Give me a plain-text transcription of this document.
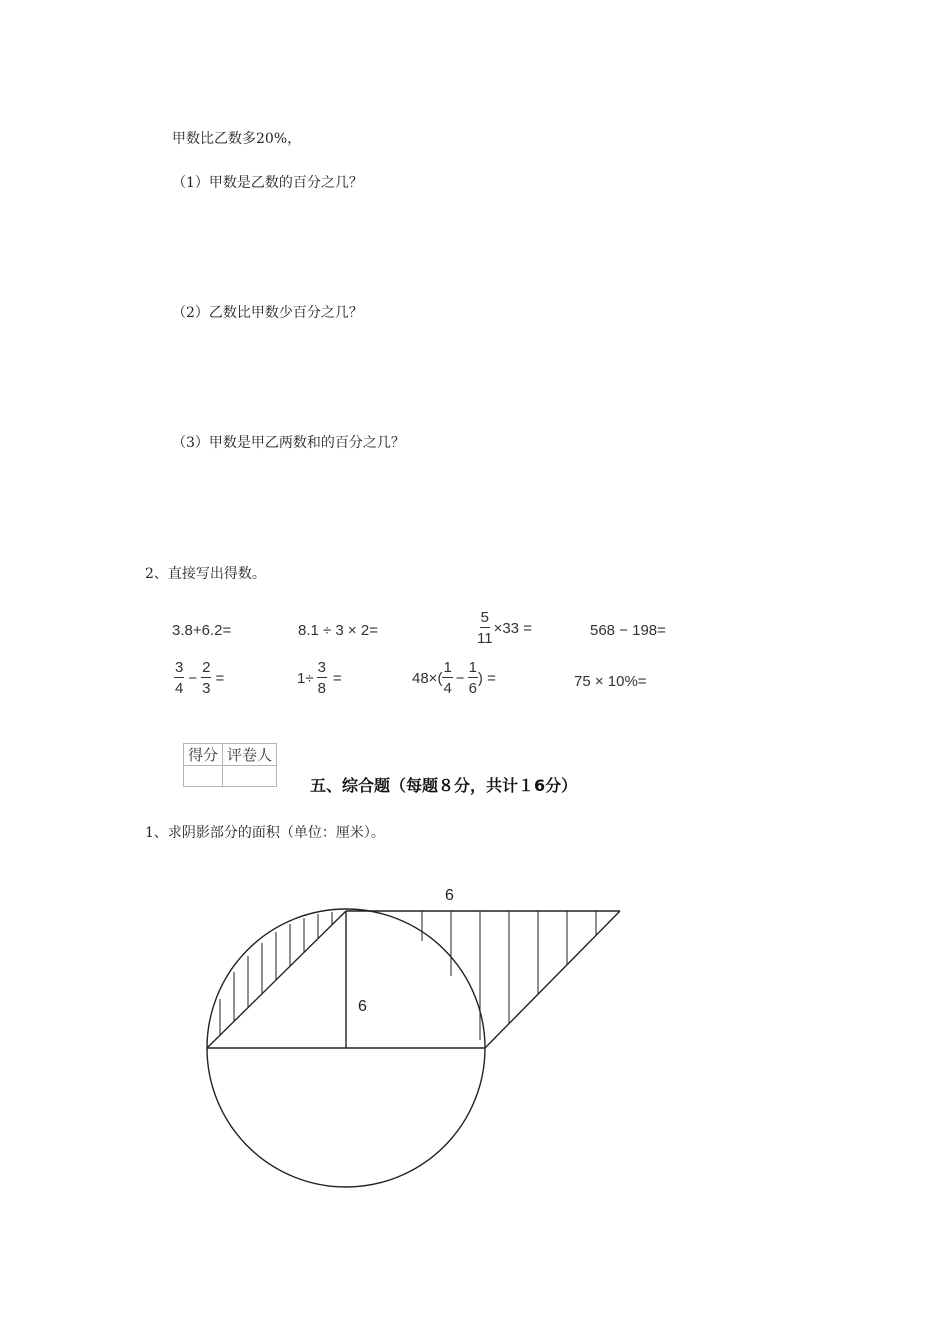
甲数比乙数多20%，
（1）甲数是乙数的百分之几？
（2）乙数比甲数少百分之几？
（3）甲数是甲乙两数和的百分之几？
2、直接写出得数。
3.8+6.2=	8.1 ÷ 3 × 2=	$\frac{5}{11} \times 33$ =	568 − 198=
$\frac{3}{4} - \frac{2}{3}$ =	$1\div \frac{3}{8}$ =	$48\times( \frac{1}{4} - \frac{1}{6}$ ) =	75 × 10%=
得分	评卷人

五、综合题（每题８分，共计１6分）
1、求阴影部分的面积（单位：厘米）。
6
6
